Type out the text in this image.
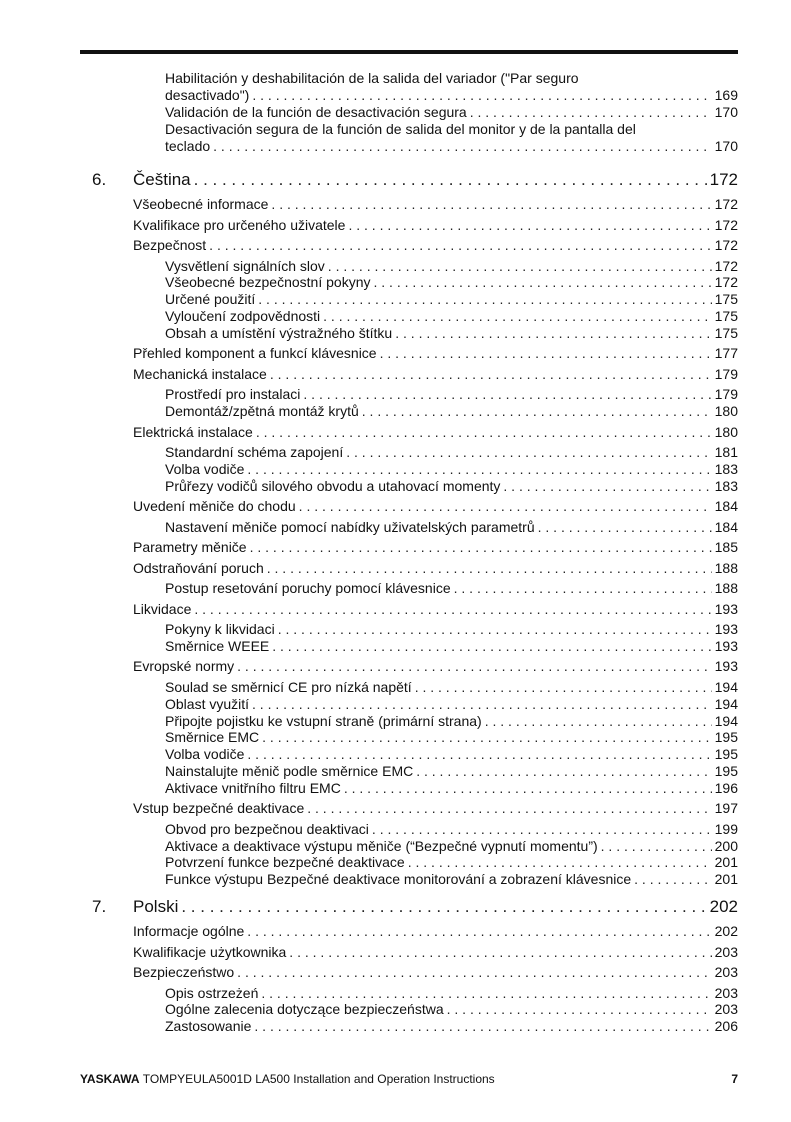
Habilitación y deshabilitación de la salida del variador ("Par seguro
desactivado") . . .	169
Validación de la función de desactivación segura . . .	170
Desactivación segura de la función de salida del monitor y de la pantalla del
teclado . . .	170
6. Čeština . . .	172
Všeobecné informace . . .	172
Kvalifikace pro určeného uživatele . . .	172
Bezpečnost . . .	172
Vysvětlení signálních slov . . .	172
Všeobecné bezpečnostní pokyny . . .	172
Určené použití . . .	175
Vyloučení zodpovědnosti . . .	175
Obsah a umístění výstražného štítku . . .	175
Přehled komponent a funkcí klávesnice . . .	177
Mechanická instalace . . .	179
Prostředí pro instalaci . . .	179
Demontáž/zpětná montáž krytů . . .	180
Elektrická instalace . . .	180
Standardní schéma zapojení . . .	181
Volba vodiče . . .	183
Průřezy vodičů silového obvodu a utahovací momenty . . .	183
Uvedení měniče do chodu . . .	184
Nastavení měniče pomocí nabídky uživatelských parametrů . . .	184
Parametry měniče . . .	185
Odstraňování poruch . . .	188
Postup resetování poruchy pomocí klávesnice . . .	188
Likvidace . . .	193
Pokyny k likvidaci . . .	193
Směrnice WEEE . . .	193
Evropské normy . . .	193
Soulad se směrnicí CE pro nízká napětí . . .	194
Oblast využití . . .	194
Připojte pojistku ke vstupní straně (primární strana) . . .	194
Směrnice EMC . . .	195
Volba vodiče . . .	195
Nainstalujte měnič podle směrnice EMC . . .	195
Aktivace vnitřního filtru EMC . . .	196
Vstup bezpečné deaktivace . . .	197
Obvod pro bezpečnou deaktivaci . . .	199
Aktivace a deaktivace výstupu měniče (“Bezpečné vypnutí momentu”) . . .	200
Potvrzení funkce bezpečné deaktivace . . .	201
Funkce výstupu Bezpečné deaktivace monitorování a zobrazení klávesnice . . .	201
7. Polski . . .	202
Informacje ogólne . . .	202
Kwalifikacje użytkownika . . .	203
Bezpieczeństwo . . .	203
Opis ostrzeżeń . . .	203
Ogólne zalecenia dotyczące bezpieczeństwa . . .	203
Zastosowanie . . .	206
YASKAWA TOMPYEULA5001D LA500 Installation and Operation Instructions	7
